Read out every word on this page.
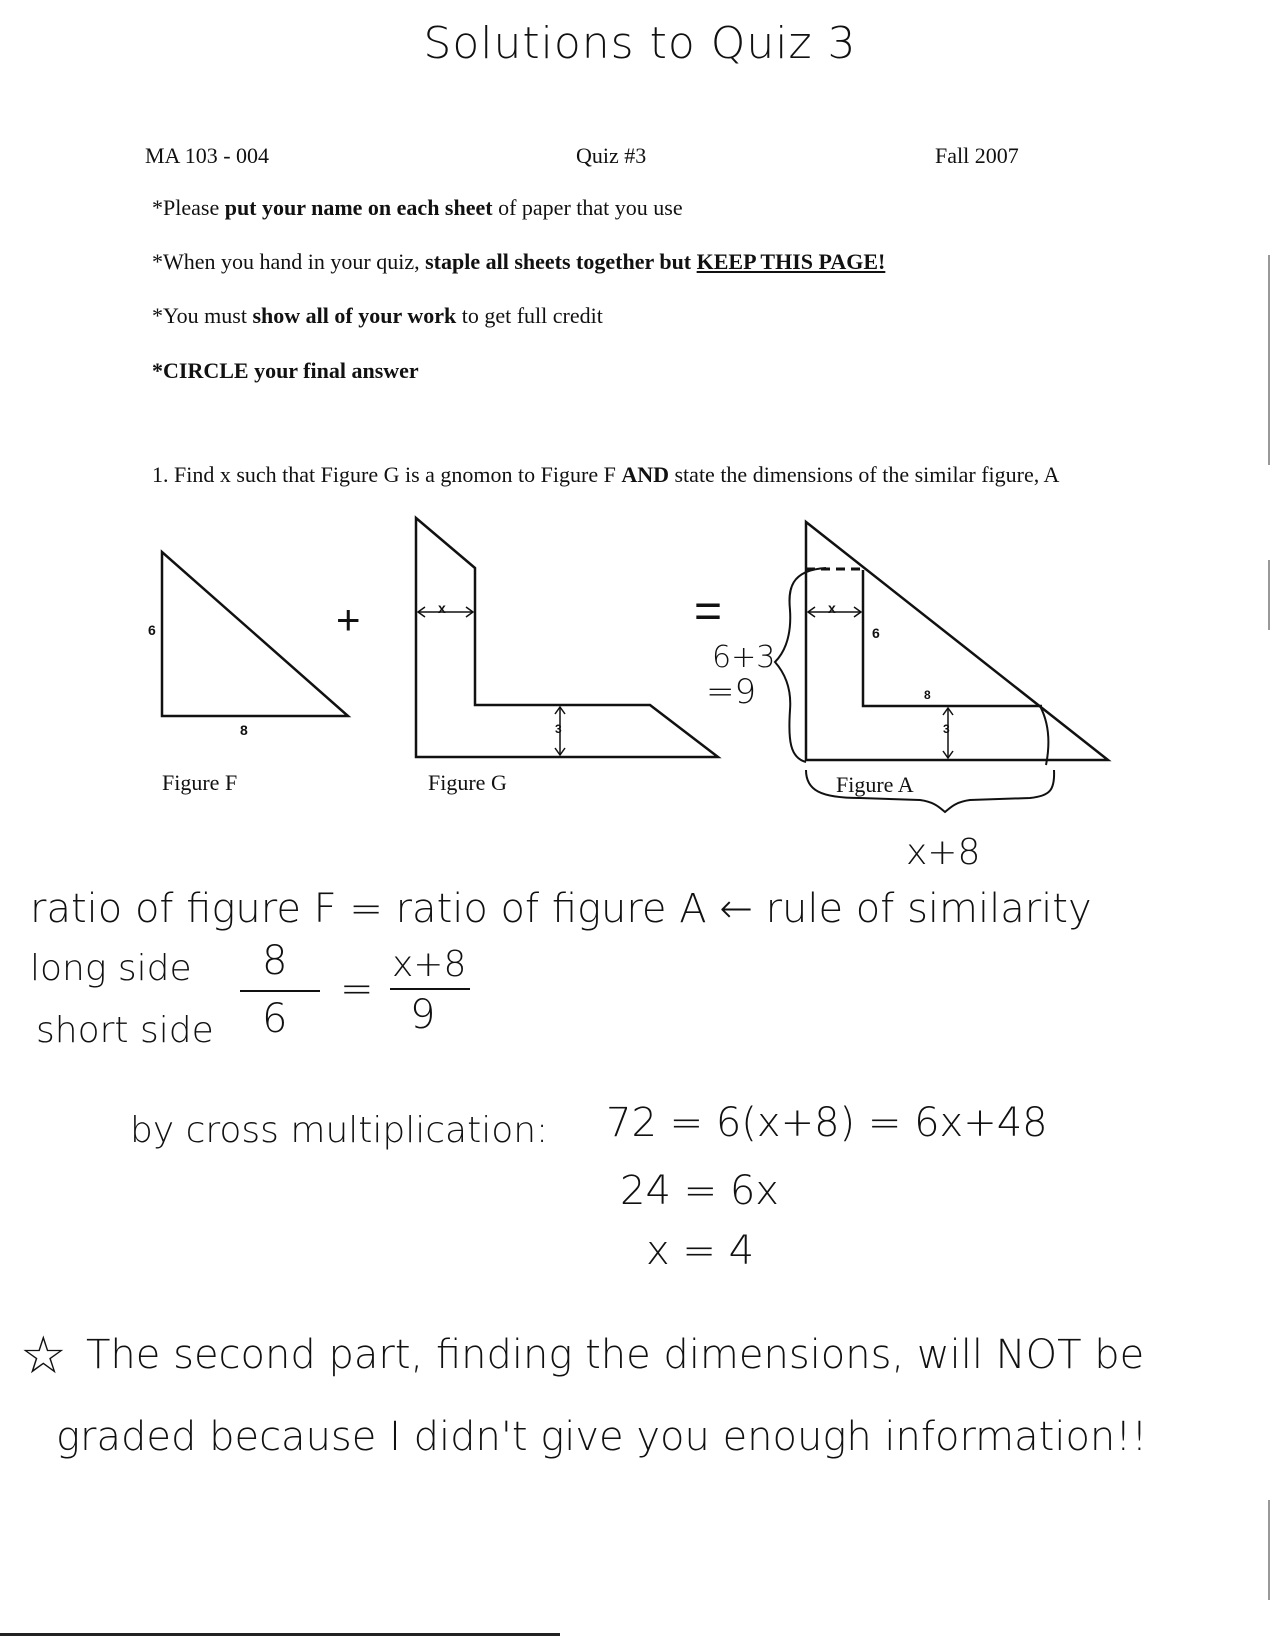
Solutions to Quiz 3
MA 103 - 004	Quiz #3	Fall 2007
*Please put your name on each sheet of paper that you use
*When you hand in your quiz, staple all sheets together but KEEP THIS PAGE!
*You must show all of your work to get full credit
*CIRCLE your final answer
1. Find x such that Figure G is a gnomon to Figure F AND state the dimensions of the similar figure, A
6
8
Figure F
+	x
3
Figure G
=
6+3
=9
x
6
8
3
Figure A
x+8
ratio of figure F = ratio of figure A ← rule of similarity
long side
short side
8
6
=
x+8
9
by cross multiplication: 72 = 6(x+8) = 6x+48
24 = 6x
x = 4
☆ The second part, finding the dimensions, will NOT be
graded because I didn't give you enough information!!
